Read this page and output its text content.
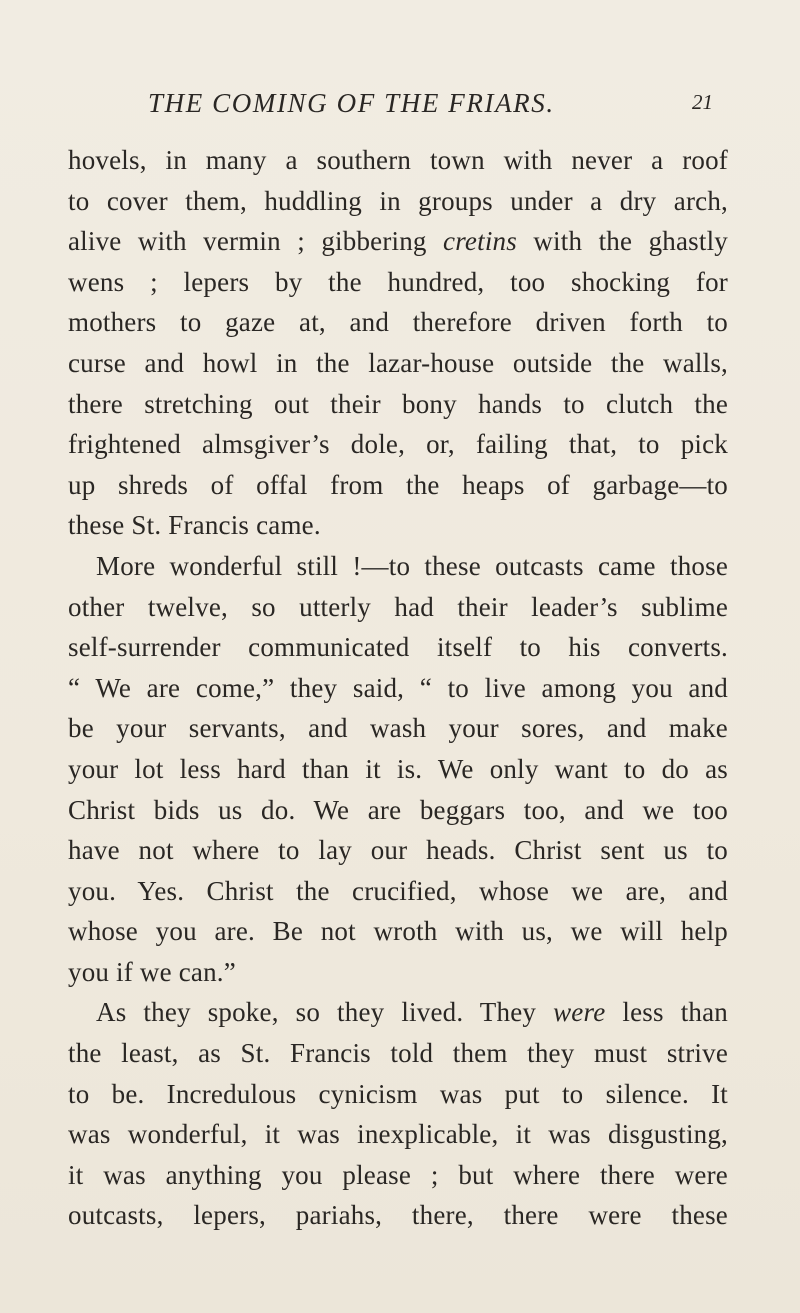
THE COMING OF THE FRIARS.	21
hovels, in many a southern town with never a roof
to cover them, huddling in groups under a dry arch,
alive with vermin ; gibbering cretins with the ghastly
wens ; lepers by the hundred, too shocking for
mothers to gaze at, and therefore driven forth to
curse and howl in the lazar-house outside the walls,
there stretching out their bony hands to clutch the
frightened almsgiver’s dole, or, failing that, to pick
up shreds of offal from the heaps of garbage—to
these St. Francis came.
More wonderful still !—to these outcasts came those
other twelve, so utterly had their leader’s sublime
self-surrender communicated itself to his converts.
“ We are come,” they said, “ to live among you and
be your servants, and wash your sores, and make
your lot less hard than it is. We only want to do as
Christ bids us do. We are beggars too, and we too
have not where to lay our heads. Christ sent us to
you. Yes. Christ the crucified, whose we are, and
whose you are. Be not wroth with us, we will help
you if we can.”
As they spoke, so they lived. They were less than
the least, as St. Francis told them they must strive
to be. Incredulous cynicism was put to silence. It
was wonderful, it was inexplicable, it was disgusting,
it was anything you please ; but where there were
outcasts, lepers, pariahs, there, there were these
